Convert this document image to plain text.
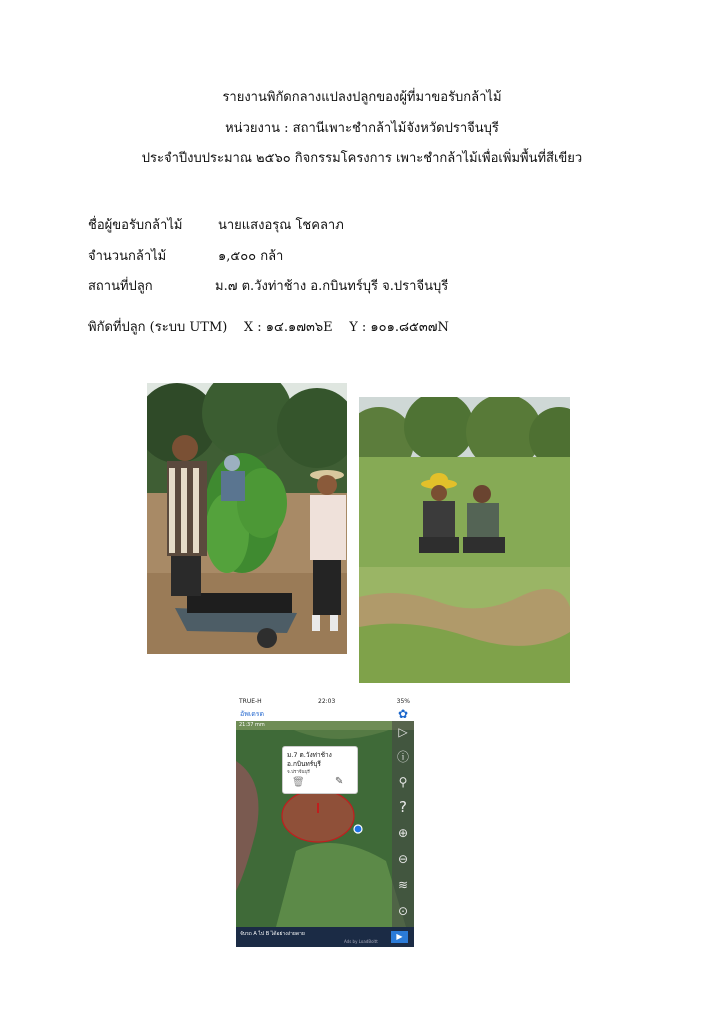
รายงานพิกัดกลางแปลงปลูกของผู้ที่มาขอรับกล้าไม้
หน่วยงาน : สถานีเพาะชำกล้าไม้จังหวัดปราจีนบุรี
ประจำปีงบประมาณ ๒๕๖๐ กิจกรรมโครงการ เพาะชำกล้าไม้เพื่อเพิ่มพื้นที่สีเขียว
ชื่อผู้ขอรับกล้าไม้	นายแสงอรุณ โชคลาภ
จำนวนกล้าไม้	๑,๕๐๐ กล้า
สถานที่ปลูก	ม.๗ ต.วังท่าช้าง อ.กบินทร์บุรี จ.ปราจีนบุรี
พิกัดที่ปลูก (ระบบ UTM) X : ๑๔.๑๗๓๖E Y : ๑๐๑.๘๕๓๗N
TRUE-H	22:03	35%
อัพเดรด	✿
21:37 mm	▷
ⓘ
⚲
?
⊕
⊖
≋
⊙
ม.7 ต.วังท่าช้าง
อ.กบินทร์บุรี
จ.ปราจีนบุรี
🗑	✎
จับรถ A ไป B ได้อย่างง่ายดาย
Ads by LoadBoltt
▶
